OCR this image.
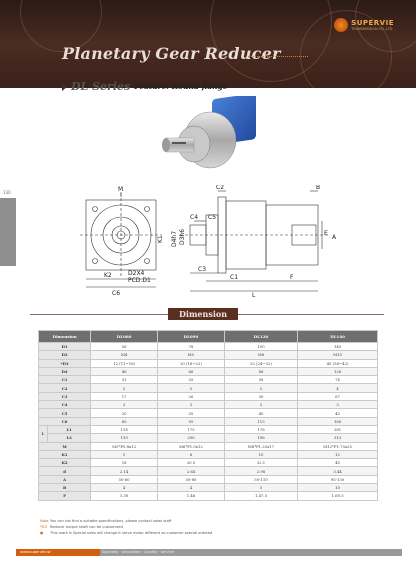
SUPERVIE
TRANSMISSION CO.,LTD
Planetary Gear Reducer
DL Series Feature: Round flange
130	M
K1
D2X4
PCD.D1
K2
C6
C2	B
C4 C5
D3h6
D4h7
C3
C1	F
L
A
E
Dimension
Dimension		DL060	DL090	DL120	DL140
D1		56	78	100	145
D2		M4	M5	M6	M10
*D3		12 (11~16)	20 (16~22)	32 (24~32)	40 (38~42)
D4		46	66	86	126
C1		31	35	38	74
C2		5	5	5	4
C3		17	26	30	67
C4		3	3	3	3
C5		20	35	40	45
C6		60	95	115	160
L	L1	118	175	176	261
	L2	139	200	198	313
M		M5*P0.8x12	M6*P1.0x12	M8*P1.25x17	M12*P1.75x25
K1		5	6	10	12
K2		18	20.5	32.1	45
d		2.14	2.64	2.98	3.44
A		50-60	50-80	50-110	95-130
B		4	4	5	10
F		1.30	1.46	1.47.5	1.60.5
NoteYou can not find a suitable specifications, please contact sales staff
*D3 Reducer output shaft can be customized
● This mark is Special sizes will change it serve motor different so customer special ordered
www.supervie.tw	Specialty · Innovation · Quality · Service
